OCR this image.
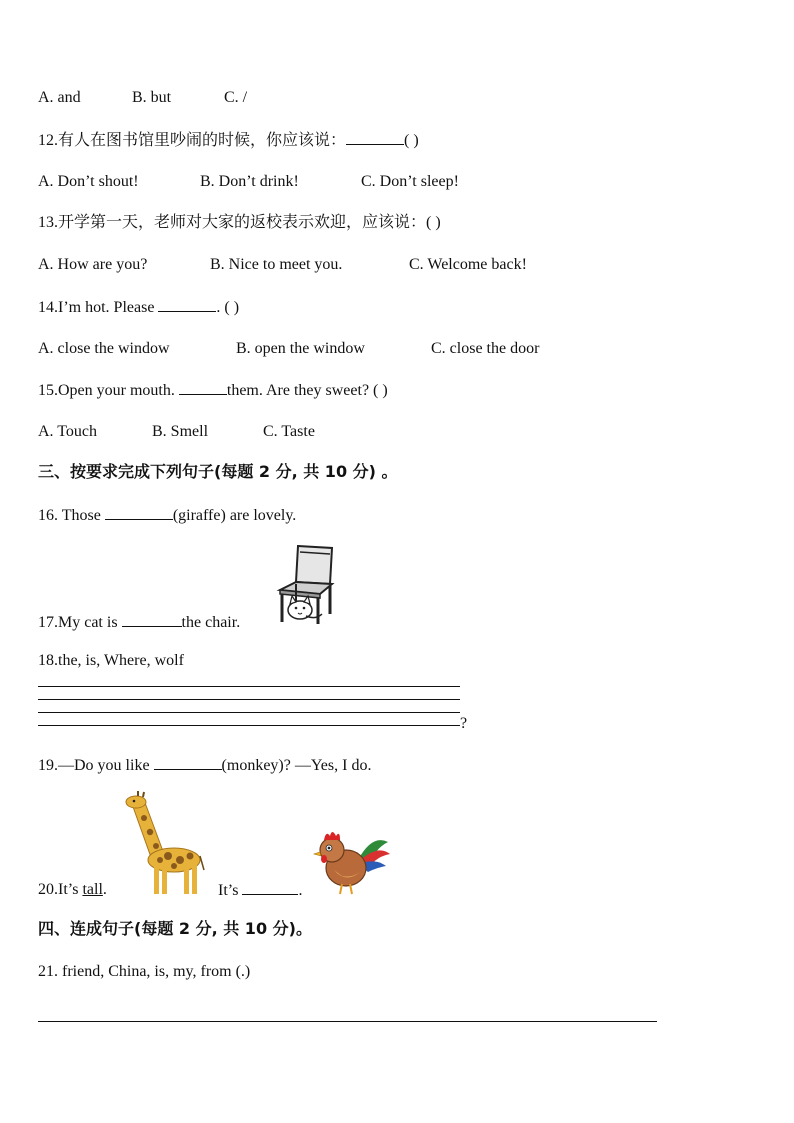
A. and	B. but	C. /
12.有人在图书馆里吵闹的时候，你应该说：	( )
A. Don’t shout!	B. Don’t drink!	C. Don’t sleep!
13.开学第一天，老师对大家的返校表示欢迎，应该说：( )
A. How are you?	B. Nice to meet you.	C. Welcome back!
14.I’m hot. Please	. ( )
A. close the window	B. open the window	C. close the door
15.Open your mouth.	them. Are they sweet? ( )
A. Touch	B. Smell	C. Taste
三、按要求完成下列句子(每题 2 分, 共 10 分) 。
16. Those	(giraffe) are lovely.
17.My cat is	the chair.
18.the, is, Where, wolf
?
19.—Do you like	(monkey)? —Yes, I do.
20.It’s tall.	It’s	.
四、连成句子(每题 2 分, 共 10 分)。
21. friend, China, is, my, from (.)
